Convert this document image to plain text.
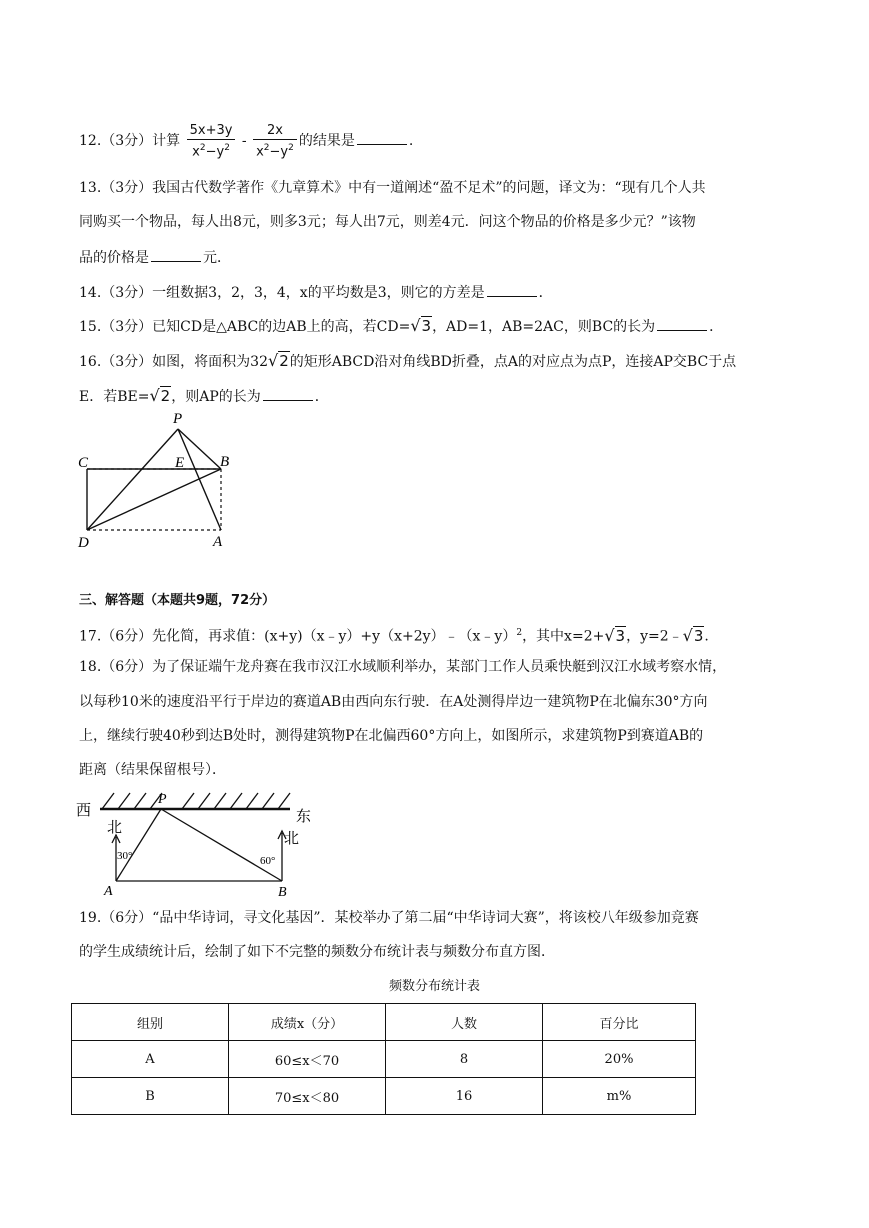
12.（3分）计算 $\frac{5x+3y}{x^2-y^2} - \frac{2x}{x^2-y^2}$ 的结果是	.
13.（3分）我国古代数学著作《九章算术》中有一道阐述“盈不足术”的问题，译文为：“现有几个人共
同购买一个物品，每人出8元，则多3元；每人出7元，则差4元．问这个物品的价格是多少元？”该物
品的价格是	元．
14.（3分）一组数据3，2，3，4，x的平均数是3，则它的方差是	．
15.（3分）已知CD是△ABC的边AB上的高，若CD=√3，AD=1，AB=2AC，则BC的长为	．
16.（3分）如图，将面积为32√2的矩形ABCD沿对角线BD折叠，点A的对应点为点P，连接AP交BC于点
E．若BE=√2，则AP的长为	．
P
C	E B
D	A
三、解答题（本题共9题，72分）
17.（6分）先化简，再求值：(x+y)（x﹣y）+y（x+2y）﹣（x﹣y）$^2$，其中x=2+√3，y=2﹣√3.
18.（6分）为了保证端午龙舟赛在我市汉江水域顺利举办，某部门工作人员乘快艇到汉江水域考察水情，
以每秒10米的速度沿平行于岸边的赛道AB由西向东行驶．在A处测得岸边一建筑物P在北偏东30°方向
上，继续行驶40秒到达B处时，测得建筑物P在北偏西60°方向上，如图所示，求建筑物P到赛道AB的
距离（结果保留根号）．
西	东
北
北
P
A	B
30°	60°
19.（6分）“品中华诗词，寻文化基因”．某校举办了第二届“中华诗词大赛”，将该校八年级参加竞赛
的学生成绩统计后，绘制了如下不完整的频数分布统计表与频数分布直方图．
频数分布统计表
组别	成绩x（分）	人数	百分比
A	60≤x＜70	8	20%
B	70≤x＜80	16	m%
